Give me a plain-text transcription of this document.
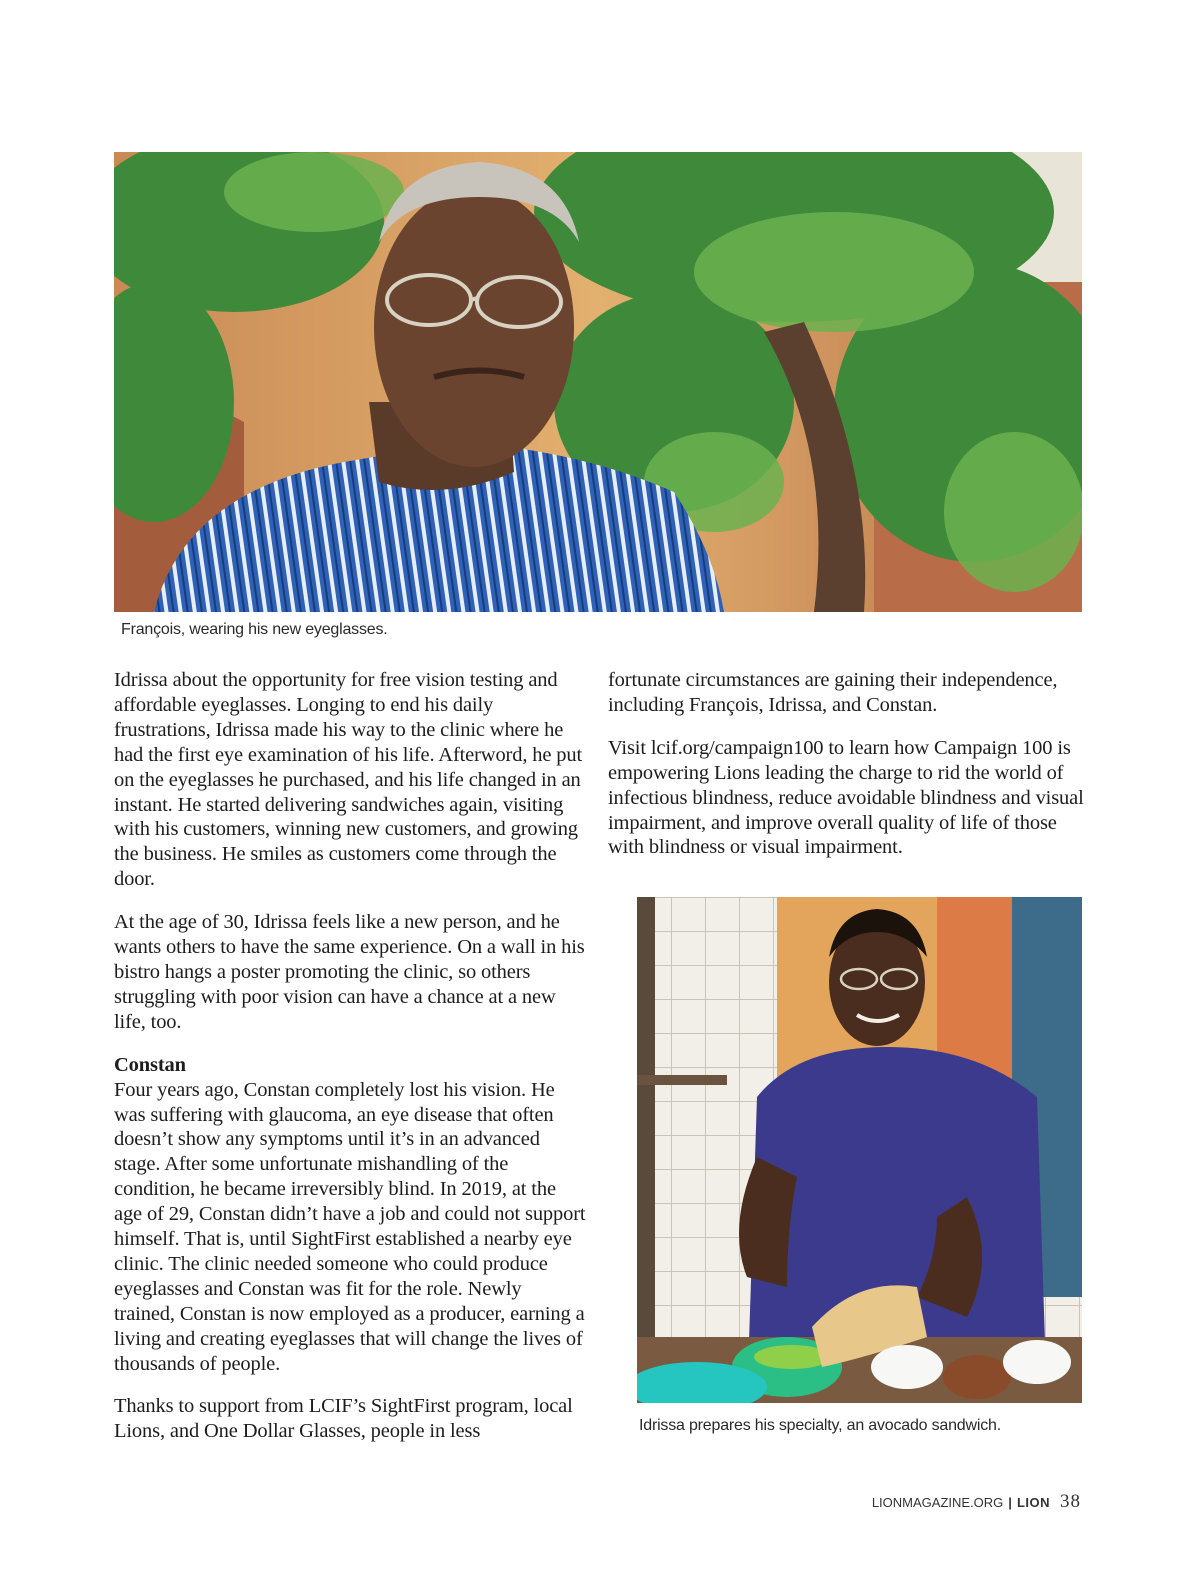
François, wearing his new eyeglasses.

Idrissa about the opportunity for free vision testing and affordable eyeglasses. Longing to end his daily frustrations, Idrissa made his way to the clinic where he had the first eye examination of his life. Afterword, he put on the eyeglasses he purchased, and his life changed in an instant. He started delivering sandwiches again, visiting with his customers, winning new customers, and growing the business. He smiles as customers come through the door.

At the age of 30, Idrissa feels like a new person, and he wants others to have the same experience. On a wall in his bistro hangs a poster promoting the clinic, so others struggling with poor vision can have a chance at a new life, too.

Constan
Four years ago, Constan completely lost his vision. He was suffering with glaucoma, an eye disease that often doesn’t show any symptoms until it’s in an advanced stage. After some unfortunate mishandling of the condition, he became irreversibly blind. In 2019, at the age of 29, Constan didn’t have a job and could not support himself. That is, until SightFirst established a nearby eye clinic. The clinic needed someone who could produce eyeglasses and Constan was fit for the role. Newly trained, Constan is now employed as a producer, earning a living and creating eyeglasses that will change the lives of thousands of people.

Thanks to support from LCIF’s SightFirst program, local Lions, and One Dollar Glasses, people in less

fortunate circumstances are gaining their independence, including François, Idrissa, and Constan.

Visit lcif.org/campaign100 to learn how Campaign 100 is empowering Lions leading the charge to rid the world of infectious blindness, reduce avoidable blindness and visual impairment, and improve overall quality of life of those with blindness or visual impairment.

Idrissa prepares his specialty, an avocado sandwich.
LIONMAGAZINE.ORG | LION 38
